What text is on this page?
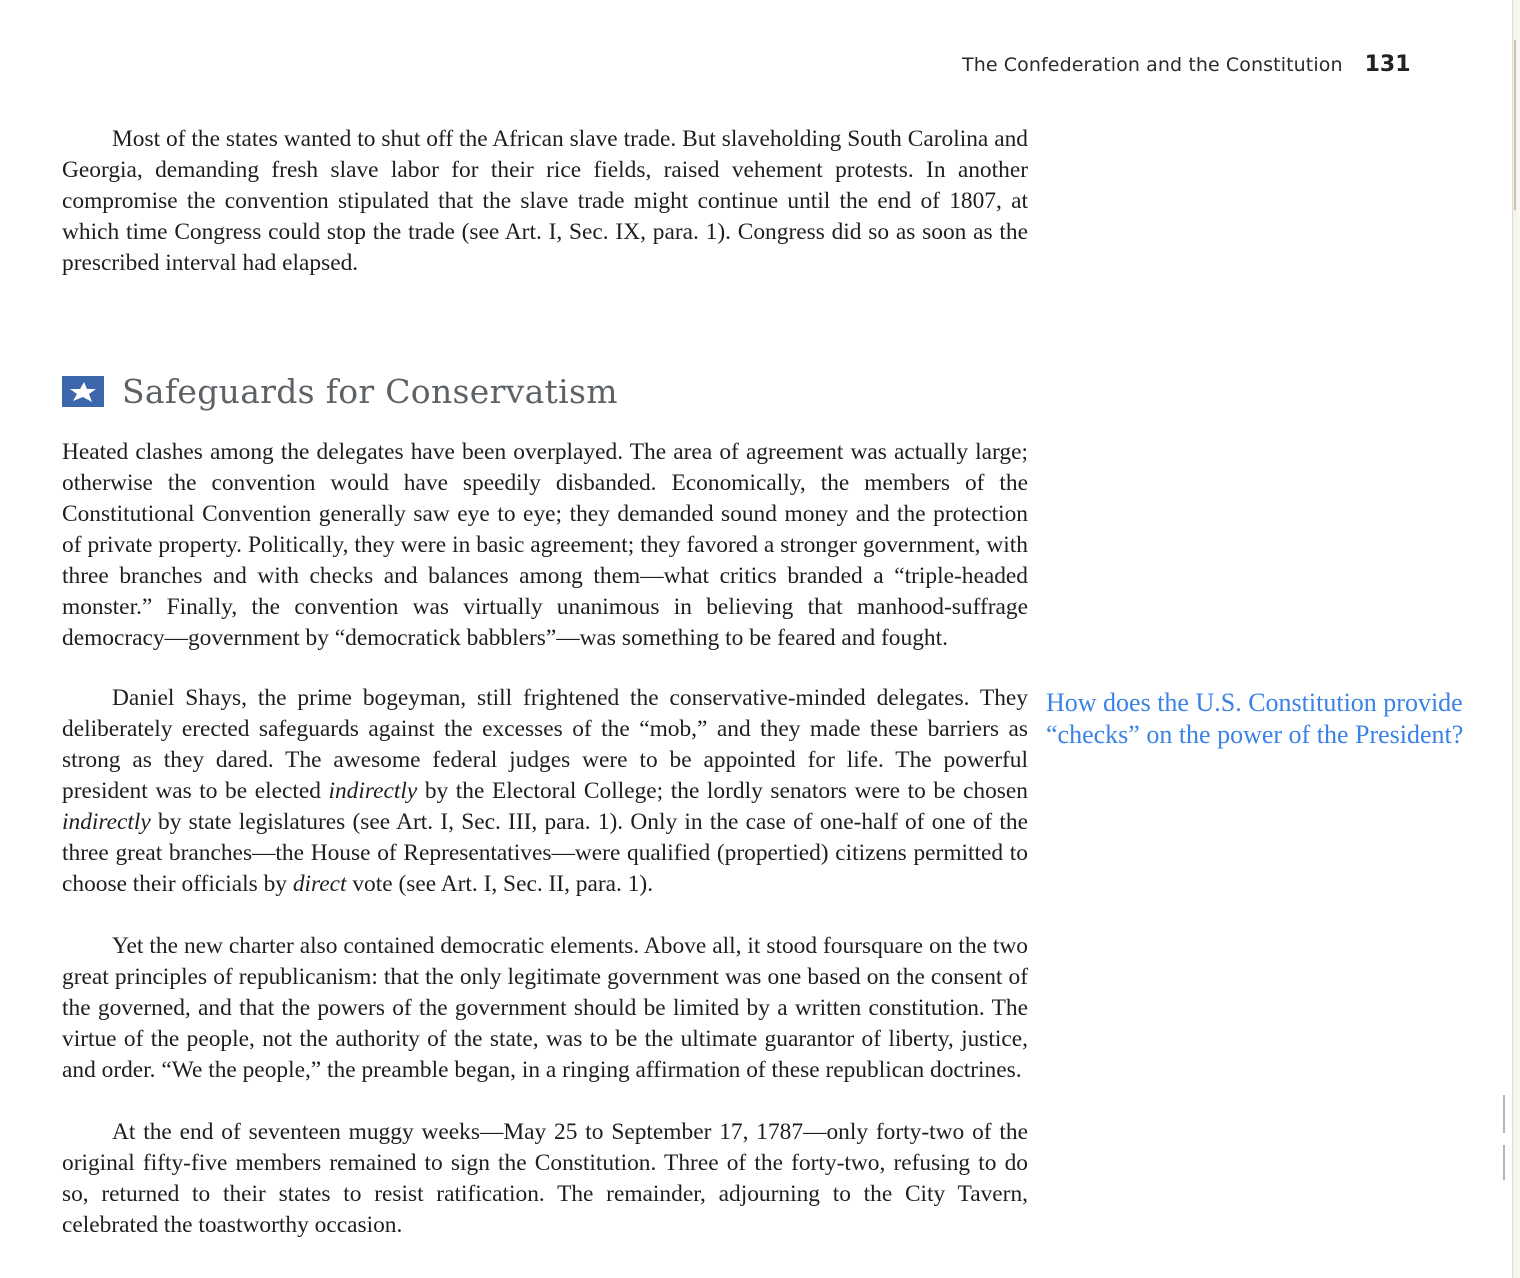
The Confederation and the Constitution 131

Most of the states wanted to shut off the African slave trade. But slaveholding South Carolina and Georgia, demanding fresh slave labor for their rice fields, raised vehement protests. In another compromise the convention stipulated that the slave trade might continue until the end of 1807, at which time Congress could stop the trade (see Art. I, Sec. IX, para. 1). Congress did so as soon as the prescribed interval had elapsed.

Safeguards for Conservatism

Heated clashes among the delegates have been overplayed. The area of agreement was actually large; otherwise the convention would have speedily disbanded. Economically, the members of the Constitutional Convention generally saw eye to eye; they demanded sound money and the protection of private property. Politically, they were in basic agreement; they favored a stronger government, with three branches and with checks and balances among them—what critics branded a “triple-headed monster.” Finally, the convention was virtually unanimous in believing that manhood-suffrage democracy—government by “democratick babblers”—was something to be feared and fought.

Daniel Shays, the prime bogeyman, still frightened the conservative-minded delegates. They deliberately erected safeguards against the excesses of the “mob,” and they made these barriers as strong as they dared. The awesome federal judges were to be appointed for life. The powerful president was to be elected indirectly by the Electoral College; the lordly senators were to be chosen indirectly by state legislatures (see Art. I, Sec. III, para. 1). Only in the case of one-half of one of the three great branches—the House of Representatives—were qualified (propertied) citizens permitted to choose their officials by direct vote (see Art. I, Sec. II, para. 1).

Yet the new charter also contained democratic elements. Above all, it stood foursquare on the two great principles of republicanism: that the only legitimate government was one based on the consent of the governed, and that the powers of the government should be limited by a written constitution. The virtue of the people, not the authority of the state, was to be the ultimate guarantor of liberty, justice, and order. “We the people,” the preamble began, in a ringing affirmation of these republican doctrines.

At the end of seventeen muggy weeks—May 25 to September 17, 1787—only forty-two of the original fifty-five members remained to sign the Constitution. Three of the forty-two, refusing to do so, returned to their states to resist ratification. The remainder, adjourning to the City Tavern, celebrated the toastworthy occasion.

How does the U.S. Constitution provide
“checks” on the power of the President?
